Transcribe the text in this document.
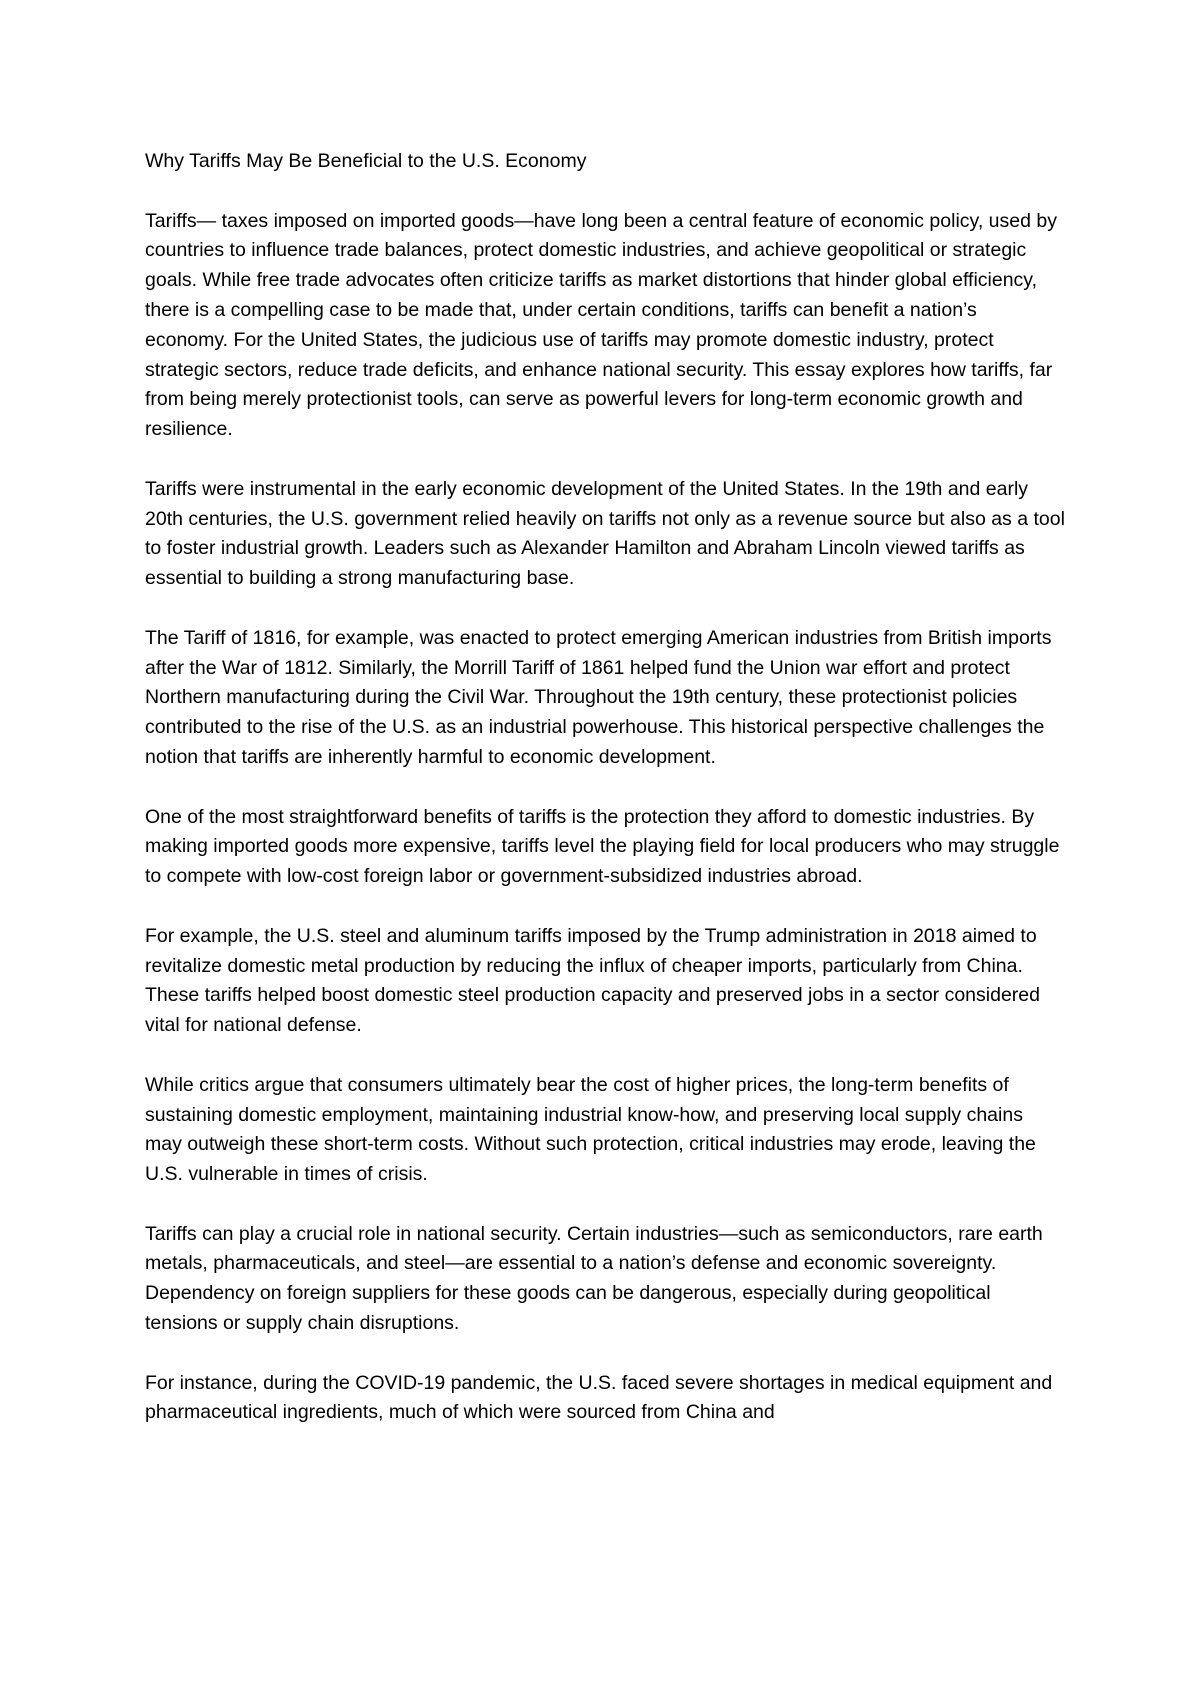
Why Tariffs May Be Beneficial to the U.S. Economy

Tariffs— taxes imposed on imported goods—have long been a central feature of economic policy, used by countries to influence trade balances, protect domestic industries, and achieve geopolitical or strategic goals. While free trade advocates often criticize tariffs as market distortions that hinder global efficiency, there is a compelling case to be made that, under certain conditions, tariffs can benefit a nation’s economy. For the United States, the judicious use of tariffs may promote domestic industry, protect strategic sectors, reduce trade deficits, and enhance national security. This essay explores how tariffs, far from being merely protectionist tools, can serve as powerful levers for long-term economic growth and resilience.

Tariffs were instrumental in the early economic development of the United States. In the 19th and early 20th centuries, the U.S. government relied heavily on tariffs not only as a revenue source but also as a tool to foster industrial growth. Leaders such as Alexander Hamilton and Abraham Lincoln viewed tariffs as essential to building a strong manufacturing base.

The Tariff of 1816, for example, was enacted to protect emerging American industries from British imports after the War of 1812. Similarly, the Morrill Tariff of 1861 helped fund the Union war effort and protect Northern manufacturing during the Civil War. Throughout the 19th century, these protectionist policies contributed to the rise of the U.S. as an industrial powerhouse. This historical perspective challenges the notion that tariffs are inherently harmful to economic development.

One of the most straightforward benefits of tariffs is the protection they afford to domestic industries. By making imported goods more expensive, tariffs level the playing field for local producers who may struggle to compete with low-cost foreign labor or government-subsidized industries abroad.

For example, the U.S. steel and aluminum tariffs imposed by the Trump administration in 2018 aimed to revitalize domestic metal production by reducing the influx of cheaper imports, particularly from China. These tariffs helped boost domestic steel production capacity and preserved jobs in a sector considered vital for national defense.

While critics argue that consumers ultimately bear the cost of higher prices, the long-term benefits of sustaining domestic employment, maintaining industrial know-how, and preserving local supply chains may outweigh these short-term costs. Without such protection, critical industries may erode, leaving the U.S. vulnerable in times of crisis.

Tariffs can play a crucial role in national security. Certain industries—such as semiconductors, rare earth metals, pharmaceuticals, and steel—are essential to a nation’s defense and economic sovereignty. Dependency on foreign suppliers for these goods can be dangerous, especially during geopolitical tensions or supply chain disruptions.

For instance, during the COVID-19 pandemic, the U.S. faced severe shortages in medical equipment and pharmaceutical ingredients, much of which were sourced from China and
